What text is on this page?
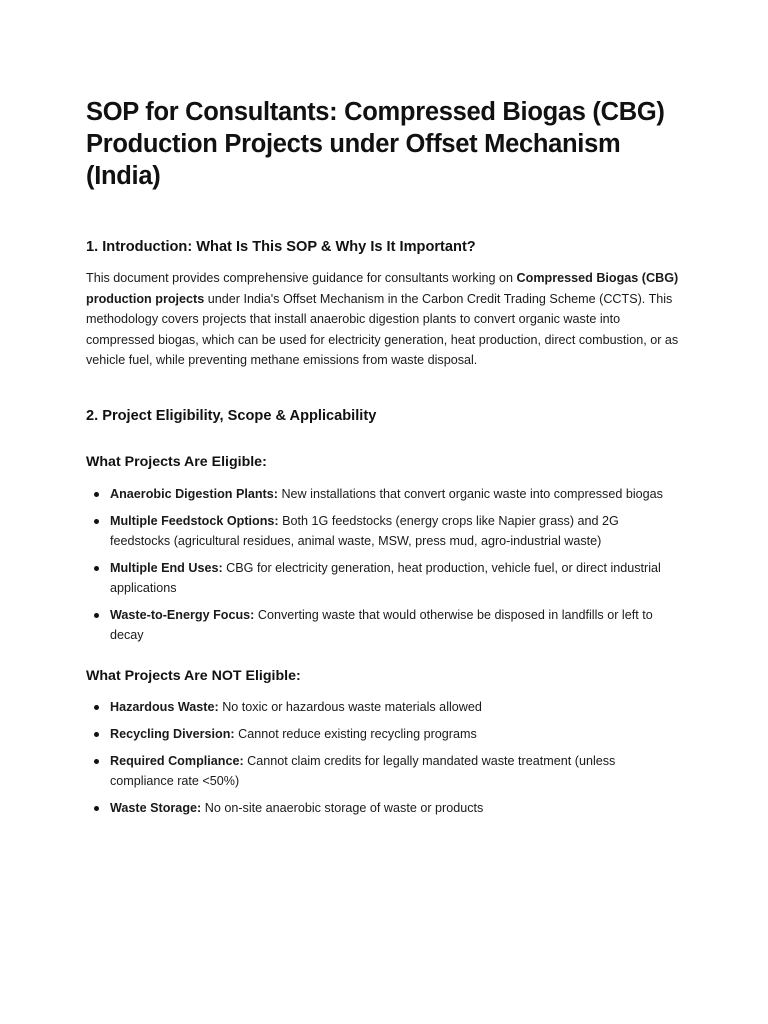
SOP for Consultants: Compressed Biogas (CBG) Production Projects under Offset Mechanism (India)
1. Introduction: What Is This SOP & Why Is It Important?

This document provides comprehensive guidance for consultants working on Compressed Biogas (CBG) production projects under India's Offset Mechanism in the Carbon Credit Trading Scheme (CCTS). This methodology covers projects that install anaerobic digestion plants to convert organic waste into compressed biogas, which can be used for electricity generation, heat production, direct combustion, or as vehicle fuel, while preventing methane emissions from waste disposal.

2. Project Eligibility, Scope & Applicability
What Projects Are Eligible:
Anaerobic Digestion Plants: New installations that convert organic waste into compressed biogas
Multiple Feedstock Options: Both 1G feedstocks (energy crops like Napier grass) and 2G feedstocks (agricultural residues, animal waste, MSW, press mud, agro-industrial waste)
Multiple End Uses: CBG for electricity generation, heat production, vehicle fuel, or direct industrial applications
Waste-to-Energy Focus: Converting waste that would otherwise be disposed in landfills or left to decay
What Projects Are NOT Eligible:
Hazardous Waste: No toxic or hazardous waste materials allowed
Recycling Diversion: Cannot reduce existing recycling programs
Required Compliance: Cannot claim credits for legally mandated waste treatment (unless compliance rate <50%)
Waste Storage: No on-site anaerobic storage of waste or products
